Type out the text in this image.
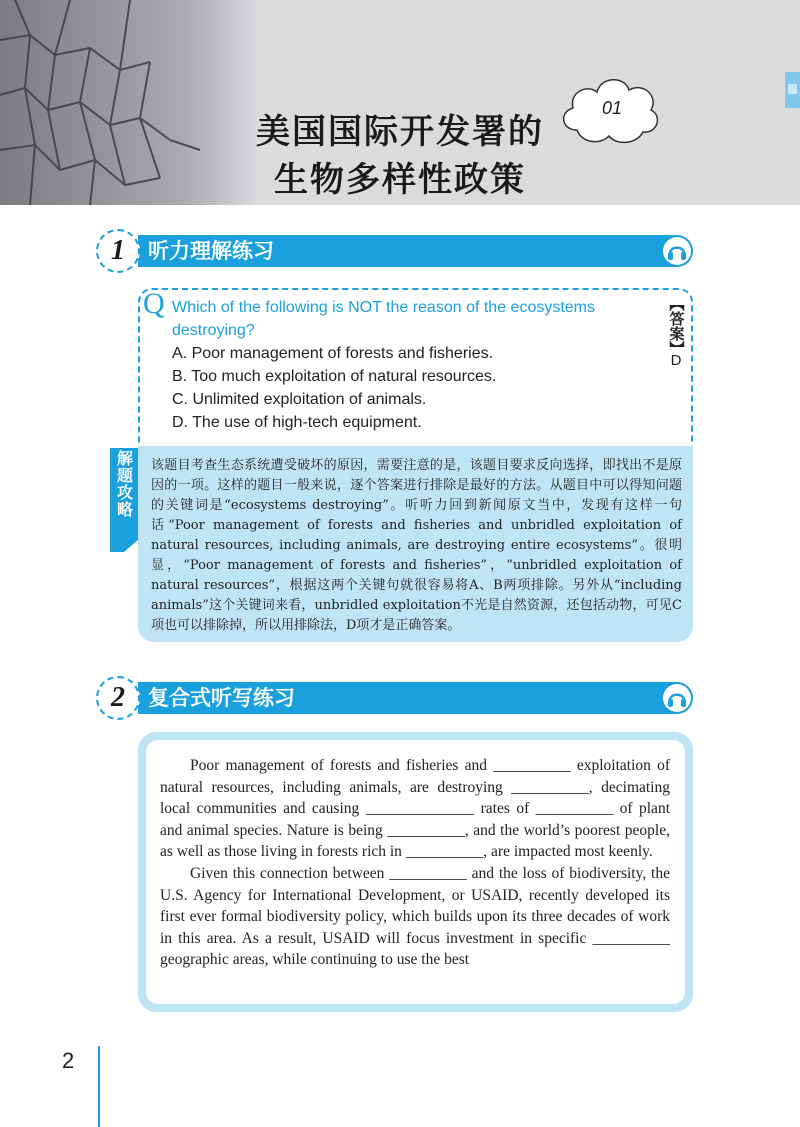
美国国际开发署的
生物多样性政策
01
1	听力理解练习
Q Which of the following is NOT the reason of the ecosystems destroying?
A. Poor management of forests and fisheries.
B. Too much exploitation of natural resources.
C. Unlimited exploitation of animals.
D. The use of high-tech equipment.
【答案】
D
解题攻略 该题目考查生态系统遭受破坏的原因，需要注意的是，该题目要求反向选择，即找出不是原因的一项。这样的题目一般来说，逐个答案进行排除是最好的方法。从题目中可以得知问题的关键词是“ecosystems destroying”。听听力回到新闻原文当中，发现有这样一句话“Poor management of forests and fisheries and unbridled exploitation of natural resources, including animals, are destroying entire ecosystems”。很明显，“Poor management of forests and fisheries”，“unbridled exploitation of natural resources”，根据这两个关键句就很容易将A、B两项排除。另外从“including animals”这个关键词来看，unbridled exploitation不光是自然资源，还包括动物，可见C项也可以排除掉，所以用排除法，D项才是正确答案。
2	复合式听写练习

Poor management of forests and fisheries and __________ exploitation of natural resources, including animals, are destroying __________, decimating local communities and causing ______________ rates of __________ of plant and animal species. Nature is being __________, and the world’s poorest people, as well as those living in forests rich in __________, are impacted most keenly.

Given this connection between __________ and the loss of biodiversity, the U.S. Agency for International Development, or USAID, recently developed its first ever formal biodiversity policy, which builds upon its three decades of work in this area. As a result, USAID will focus investment in specific __________ geographic areas, while continuing to use the best

2
